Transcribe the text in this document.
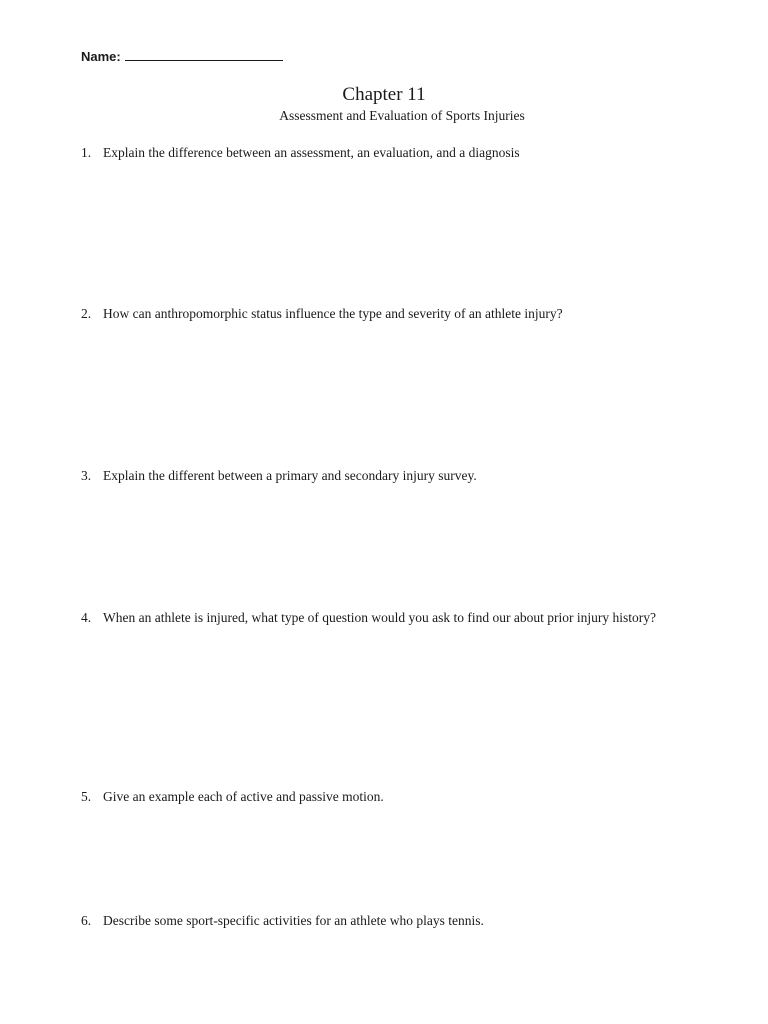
Name:
Chapter 11
Assessment and Evaluation of Sports Injuries
1. Explain the difference between an assessment, an evaluation, and a diagnosis
2. How can anthropomorphic status influence the type and severity of an athlete injury?
3. Explain the different between a primary and secondary injury survey.
4. When an athlete is injured, what type of question would you ask to find our about prior injury history?
5. Give an example each of active and passive motion.
6. Describe some sport-specific activities for an athlete who plays tennis.
